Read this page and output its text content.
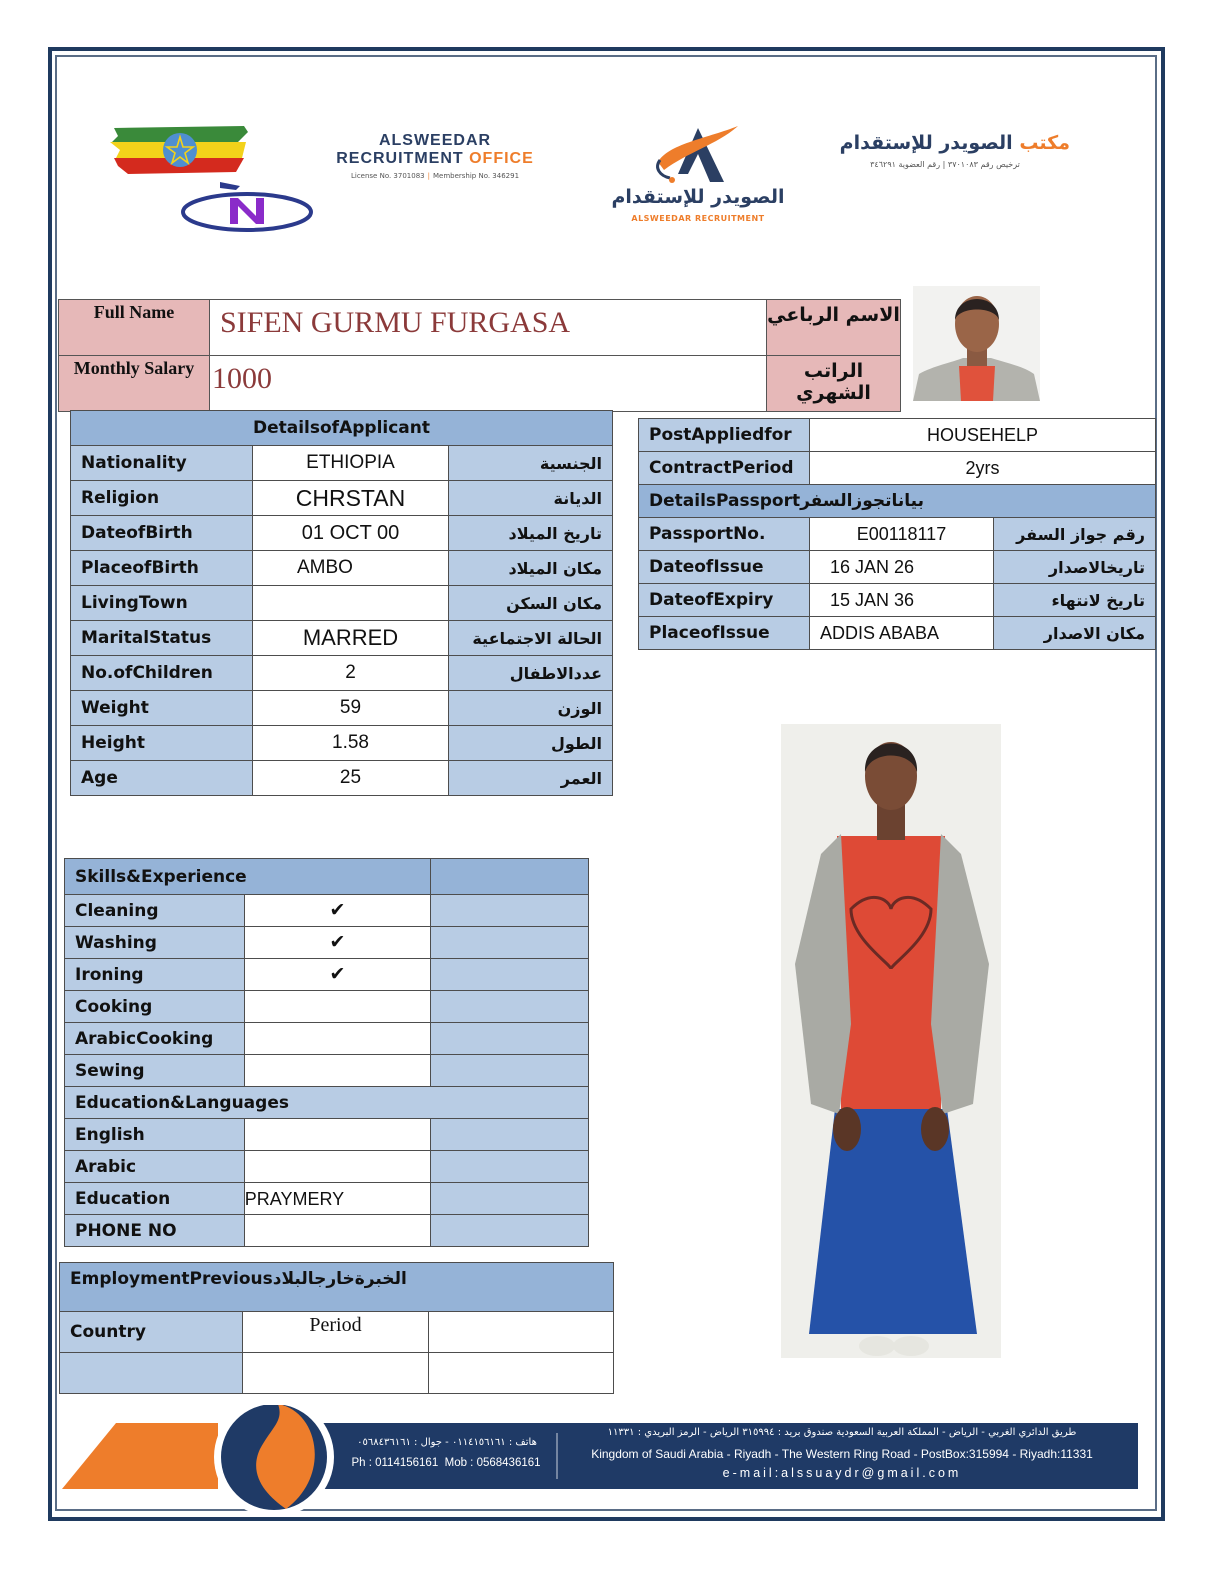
ALSWEEDAR
RECRUITMENT OFFICE
License No. 3701083 | Membership No. 346291
الصويدر للإستقدام
ALSWEEDAR RECRUITMENT
مكتب الصويدر للإستقدام
ترخيص رقم ٣٧٠١٠٨٣ | رقم العضوية ٣٤٦٢٩١
Full Name	SIFEN GURMU FURGASA	الاسم الرباعي
Monthly Salary	1000	الراتب الشهري
DetailsofApplicant		
Nationality	ETHIOPIA	الجنسية
Religion	CHRSTAN	الديانة
DateofBirth	01 OCT 00	تاريخ الميلاد
PlaceofBirth	AMBO	مكان الميلاد
LivingTown		مكان السكن
MaritalStatus	MARRED	الحالة الاجتماعية
No.ofChildren	2	عددالاطفال
Weight	59	الوزن
Height	1.58	الطول
Age	25	العمر
PostAppliedfor	HOUSEHELP	
ContractPeriod	2yrs	
DetailsPassportبياناتجوزالسفر		
PassportNo.	E00118117	رقم جواز السفر
DateofIssue	16 JAN 26	تاريخالاصدار
DateofExpiry	15 JAN 36	تاريخ لانتهاء
PlaceofIssue	ADDIS ABABA	مكان الاصدار
Skills&Experience		
Cleaning	✔	
Washing	✔	
Ironing	✔	
Cooking		
ArabicCooking		
Sewing		
Education&Languages		
English		
Arabic		
Education	PRAYMERY	
PHONE NO		
EmploymentPreviousالخبرةخارجالبلاد		
Country	Period	

هاتف : ٠١١٤١٥٦١٦١ - جوال : ٠٥٦٨٤٣٦١٦١
Ph : 0114156161  Mob : 0568436161
طريق الدائري الغربي - الرياض - المملكة العربية السعودية صندوق بريد : ٣١٥٩٩٤ الرياض - الرمز البريدي : ١١٣٣١
Kingdom of Saudi Arabia - Riyadh - The Western Ring Road - PostBox:315994 - Riyadh:11331
e-mail:alssuaydr@gmail.com
